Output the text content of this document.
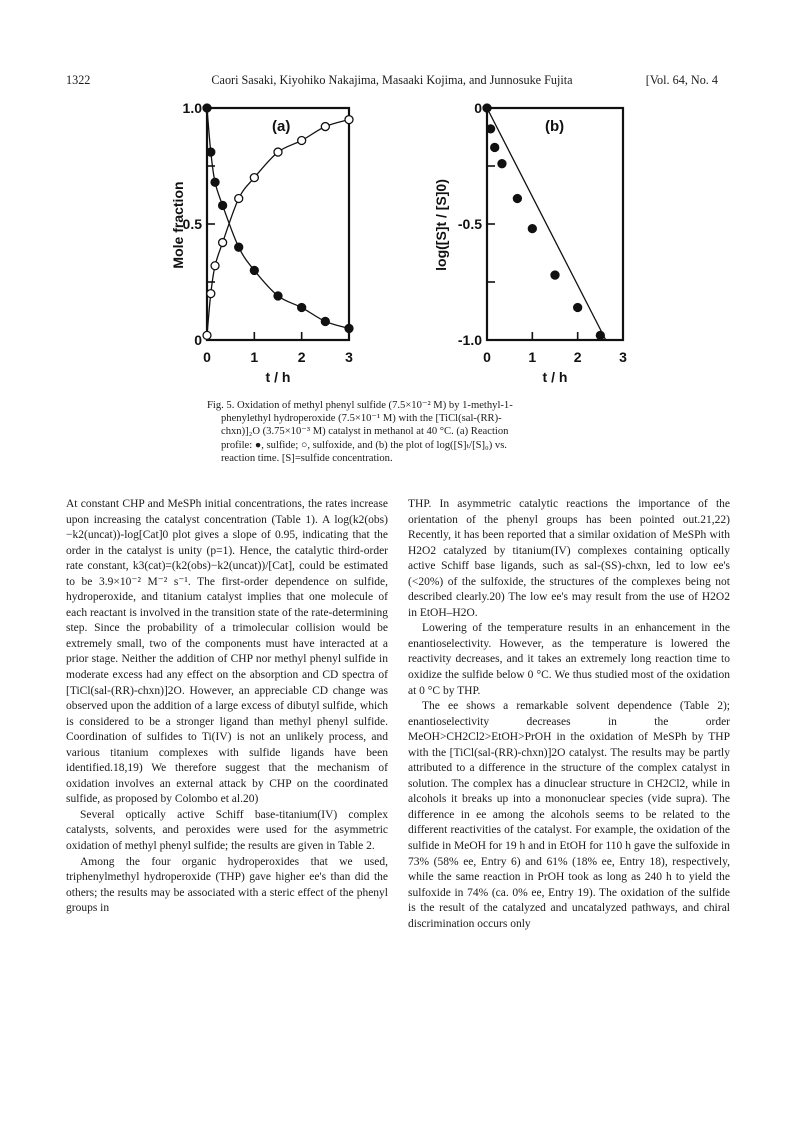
1322	Caori Sasaki, Kiyohiko Nakajima, Masaaki Kojima, and Junnosuke Fujita	[Vol. 64, No. 4
0	1	2	3
0
0.5
1.0
(a)
t / h
Mole fraction
0	1	2	3
0
-0.5
-1.0
(b)
t / h
log([S]t / [S]0)
Fig. 5. Oxidation of methyl phenyl sulfide (7.5×10⁻² M) by 1-methyl-1-
phenylethyl hydroperoxide (7.5×10⁻¹ M) with the [TiCl(sal-(RR)-
chxn)]₂O (3.75×10⁻³ M) catalyst in methanol at 40 °C. (a) Reaction
profile: ●, sulfide; ○, sulfoxide, and (b) the plot of log([S]ₜ/[S]₀) vs.
reaction time. [S]=sulfide concentration.

At constant CHP and MeSPh initial concentrations, the rates increase upon increasing the catalyst concentration (Table 1). A log(k2(obs)−k2(uncat))-log[Cat]0 plot gives a slope of 0.95, indicating that the order in the catalyst is unity (p=1). Hence, the catalytic third-order rate constant, k3(cat)=(k2(obs)−k2(uncat))/[Cat], could be estimated to be 3.9×10⁻² M⁻² s⁻¹. The first-order dependence on sulfide, hydroperoxide, and titanium catalyst implies that one molecule of each reactant is involved in the transition state of the rate-determining step. Since the probability of a trimolecular collision would be extremely small, two of the components must have interacted at a prior stage. Neither the addition of CHP nor methyl phenyl sulfide in moderate excess had any effect on the absorption and CD spectra of [TiCl(sal-(RR)-chxn)]2O. However, an appreciable CD change was observed upon the addition of a large excess of dibutyl sulfide, which is considered to be a stronger ligand than methyl phenyl sulfide. Coordination of sulfides to Ti(IV) is not an unlikely process, and various titanium complexes with sulfide ligands have been identified.18,19) We therefore suggest that the mechanism of oxidation involves an external attack by CHP on the coordinated sulfide, as proposed by Colombo et al.20)

Several optically active Schiff base-titanium(IV) complex catalysts, solvents, and peroxides were used for the asymmetric oxidation of methyl phenyl sulfide; the results are given in Table 2.

Among the four organic hydroperoxides that we used, triphenylmethyl hydroperoxide (THP) gave higher ee's than did the others; the results may be associated with a steric effect of the phenyl groups in

THP. In asymmetric catalytic reactions the importance of the orientation of the phenyl groups has been pointed out.21,22) Recently, it has been reported that a similar oxidation of MeSPh with H2O2 catalyzed by titanium(IV) complexes containing optically active Schiff base ligands, such as sal-(SS)-chxn, led to low ee's (<20%) of the sulfoxide, the structures of the complexes being not described clearly.20) The low ee's may result from the use of H2O2 in EtOH–H2O.

Lowering of the temperature results in an enhancement in the enantioselectivity. However, as the temperature is lowered the reactivity decreases, and it takes an extremely long reaction time to oxidize the sulfide below 0 °C. We thus studied most of the oxidation at 0 °C by THP.

The ee shows a remarkable solvent dependence (Table 2); enantioselectivity decreases in the order MeOH>CH2Cl2>EtOH>PrOH in the oxidation of MeSPh by THP with the [TiCl(sal-(RR)-chxn)]2O catalyst. The results may be partly attributed to a difference in the structure of the complex catalyst in solution. The complex has a dinuclear structure in CH2Cl2, while in alcohols it breaks up into a mononuclear species (vide supra). The difference in ee among the alcohols seems to be related to the different reactivities of the catalyst. For example, the oxidation of the sulfide in MeOH for 19 h and in EtOH for 110 h gave the sulfoxide in 73% (58% ee, Entry 6) and 61% (18% ee, Entry 18), respectively, while the same reaction in PrOH took as long as 240 h to yield the sulfoxide in 74% (ca. 0% ee, Entry 19). The oxidation of the sulfide is the result of the catalyzed and uncatalyzed pathways, and chiral discrimination occurs only
